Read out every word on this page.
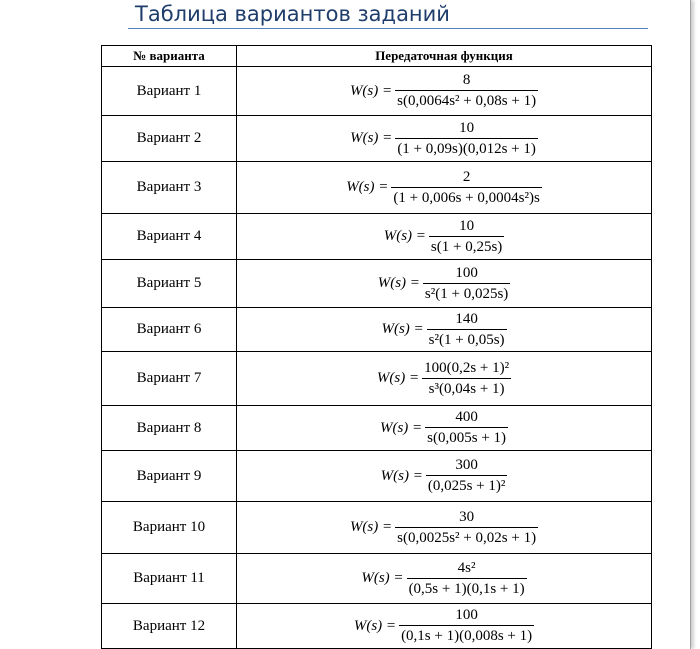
Таблица вариантов заданий
№ варианта	Передаточная функция
Вариант 1	$W(s) = \frac{8}{\text{s(0,0064s² + 0,08s + 1)}}$

Вариант 2	$W(s) = \frac{10}{(1 + 0,09s)(0,012s + 1)}$

Вариант 3	$W(s) = \frac{2}{\text{(1 + 0,006s + 0,0004s²)s}}$

Вариант 4	$W(s) = \frac{10}{s(1 + 0,25s)}$

Вариант 5	$W(s) = \frac{100}{\text{s²(1 + 0,025s)}}$

Вариант 6	$W(s) = \frac{140}{\text{s²(1 + 0,05s)}}$

Вариант 7	$W(s) = \frac{\text{100(0,2s + 1)²}}{\text{s³(0,04s + 1)}}$

Вариант 8	$W(s) = \frac{400}{s(0,005s + 1)}$

Вариант 9	$W(s) = \frac{300}{\text{(0,025s + 1)²}}$

Вариант 10	$W(s) = \frac{30}{\text{s(0,0025s² + 0,02s + 1)}}$

Вариант 11	$W(s) = \frac{\text{4s²}}{(0,5s + 1)(0,1s + 1)}$

Вариант 12	$W(s) = \frac{100}{(0,1s + 1)(0,008s + 1)}$
